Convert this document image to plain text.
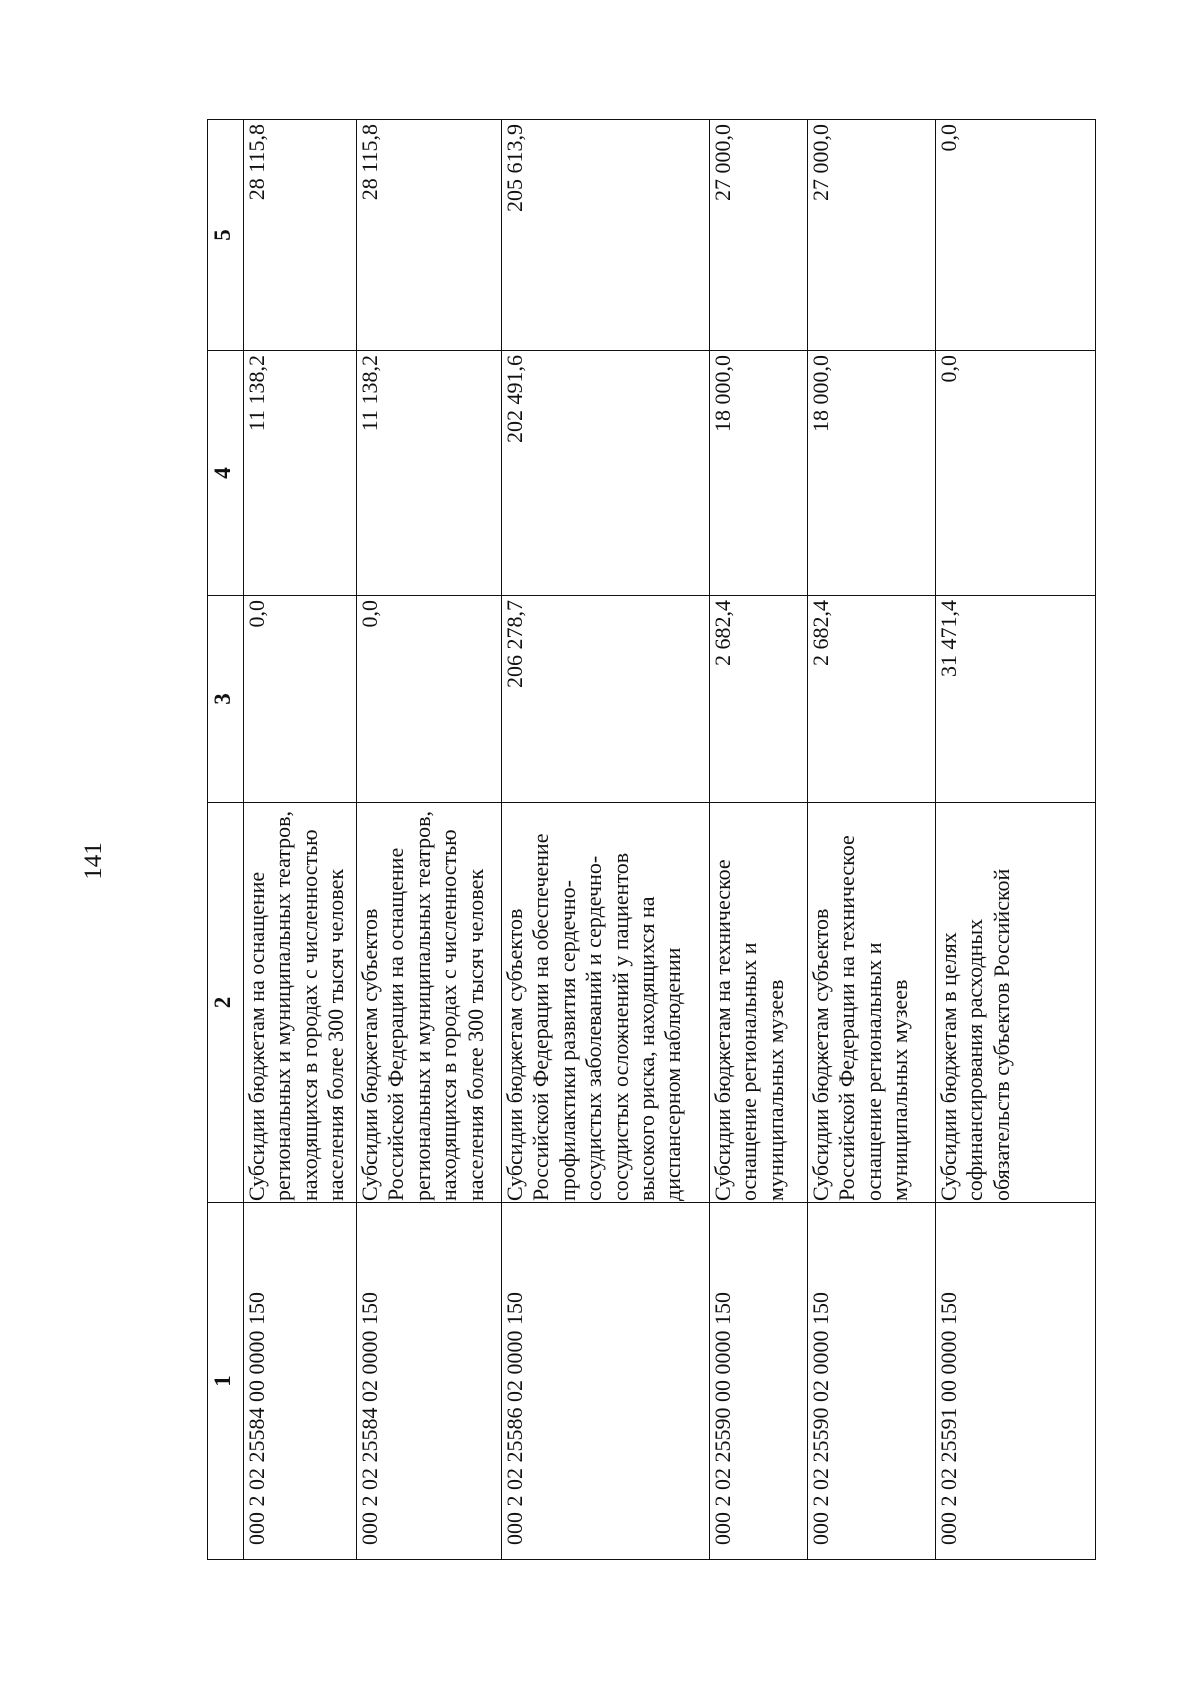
141
1	2	3	4	5
000 2 02 25584 00 0000 150	Субсидии бюджетам на оснащение региональных и муниципальных театров, находящихся в городах с численностью населения более 300 тысяч человек	0,0	11 138,2	28 115,8
000 2 02 25584 02 0000 150	Субсидии бюджетам субъектов Российской Федерации на оснащение региональных и муниципальных театров, находящихся в городах с численностью населения более 300 тысяч человек	0,0	11 138,2	28 115,8
000 2 02 25586 02 0000 150	Субсидии бюджетам субъектов Российской Федерации на обеспечение профилактики развития сердечно-сосудистых заболеваний и сердечно-сосудистых осложнений у пациентов высокого риска, находящихся на диспансерном наблюдении	206 278,7	202 491,6	205 613,9
000 2 02 25590 00 0000 150	Субсидии бюджетам на техническое оснащение региональных и муниципальных музеев	2 682,4	18 000,0	27 000,0
000 2 02 25590 02 0000 150	Субсидии бюджетам субъектов Российской Федерации на техническое оснащение региональных и муниципальных музеев	2 682,4	18 000,0	27 000,0
000 2 02 25591 00 0000 150	Субсидии бюджетам в целях софинансирования расходных обязательств субъектов Российской	31 471,4	0,0	0,0
